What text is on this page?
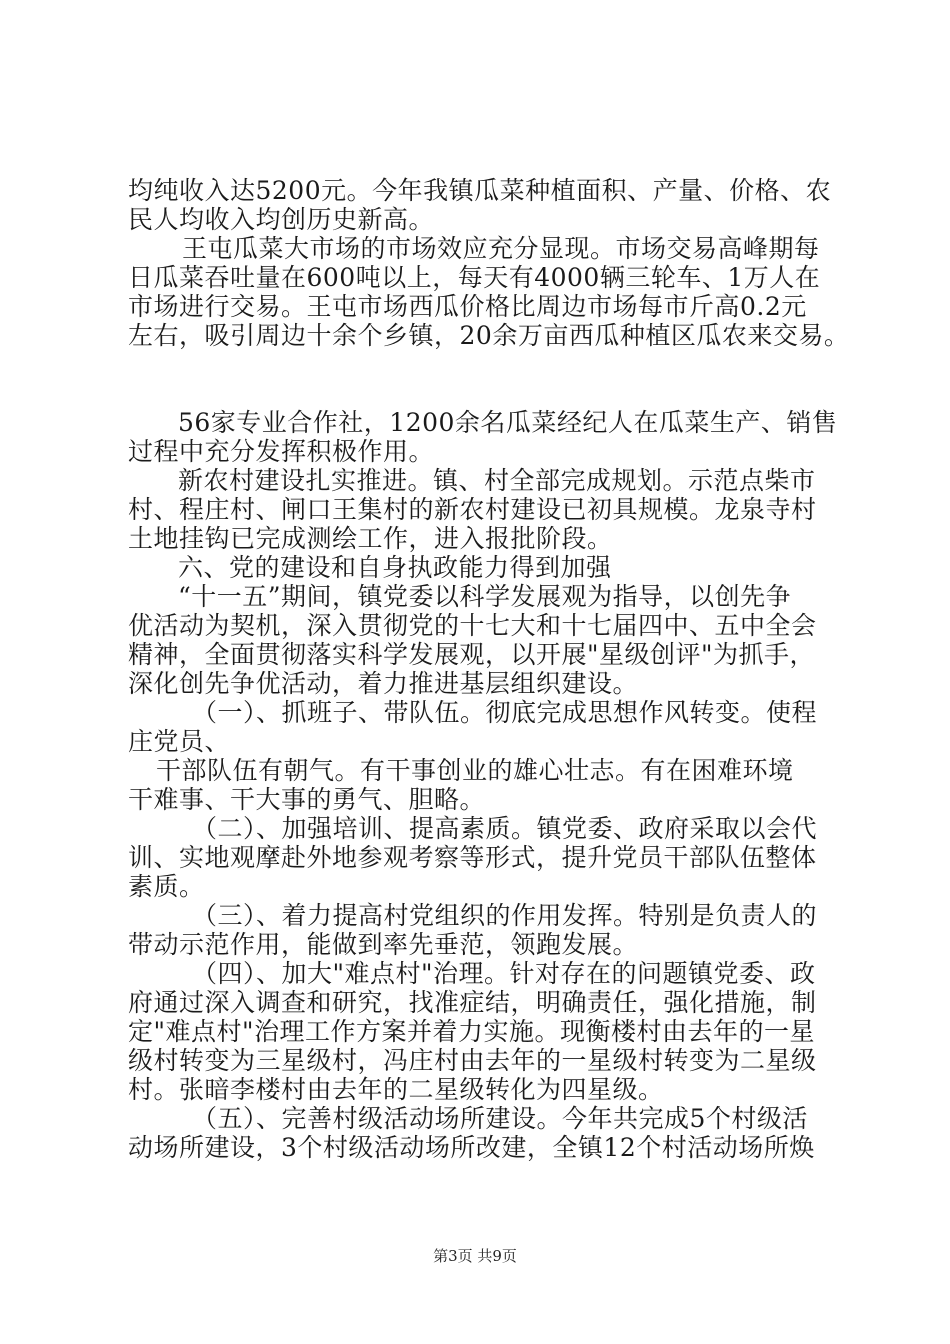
均纯收入达5200元。今年我镇瓜菜种植面积、产量、价格、农
民人均收入均创历史新高。
王屯瓜菜大市场的市场效应充分显现。市场交易高峰期每
日瓜菜吞吐量在600吨以上，每天有4000辆三轮车、1万人在
市场进行交易。王屯市场西瓜价格比周边市场每市斤高0.2元
左右，吸引周边十余个乡镇，20余万亩西瓜种植区瓜农来交易。
56家专业合作社，1200余名瓜菜经纪人在瓜菜生产、销售
过程中充分发挥积极作用。
新农村建设扎实推进。镇、村全部完成规划。示范点柴市
村、程庄村、闸口王集村的新农村建设已初具规模。龙泉寺村
土地挂钩已完成测绘工作，进入报批阶段。
六、党的建设和自身执政能力得到加强
“十一五”期间，镇党委以科学发展观为指导，以创先争
优活动为契机，深入贯彻党的十七大和十七届四中、五中全会
精神，全面贯彻落实科学发展观，以开展"星级创评"为抓手，
深化创先争优活动，着力推进基层组织建设。
（一）、抓班子、带队伍。彻底完成思想作风转变。使程
庄党员、
干部队伍有朝气。有干事创业的雄心壮志。有在困难环境
干难事、干大事的勇气、胆略。
（二）、加强培训、提高素质。镇党委、政府采取以会代
训、实地观摩赴外地参观考察等形式，提升党员干部队伍整体
素质。
（三）、着力提高村党组织的作用发挥。特别是负责人的
带动示范作用，能做到率先垂范，领跑发展。
（四）、加大"难点村"治理。针对存在的问题镇党委、政
府通过深入调查和研究，找准症结，明确责任，强化措施，制
定"难点村"治理工作方案并着力实施。现衡楼村由去年的一星
级村转变为三星级村，冯庄村由去年的一星级村转变为二星级
村。张暗李楼村由去年的二星级转化为四星级。
（五）、完善村级活动场所建设。今年共完成5个村级活
动场所建设，3个村级活动场所改建，全镇12个村活动场所焕
第3页 共9页
